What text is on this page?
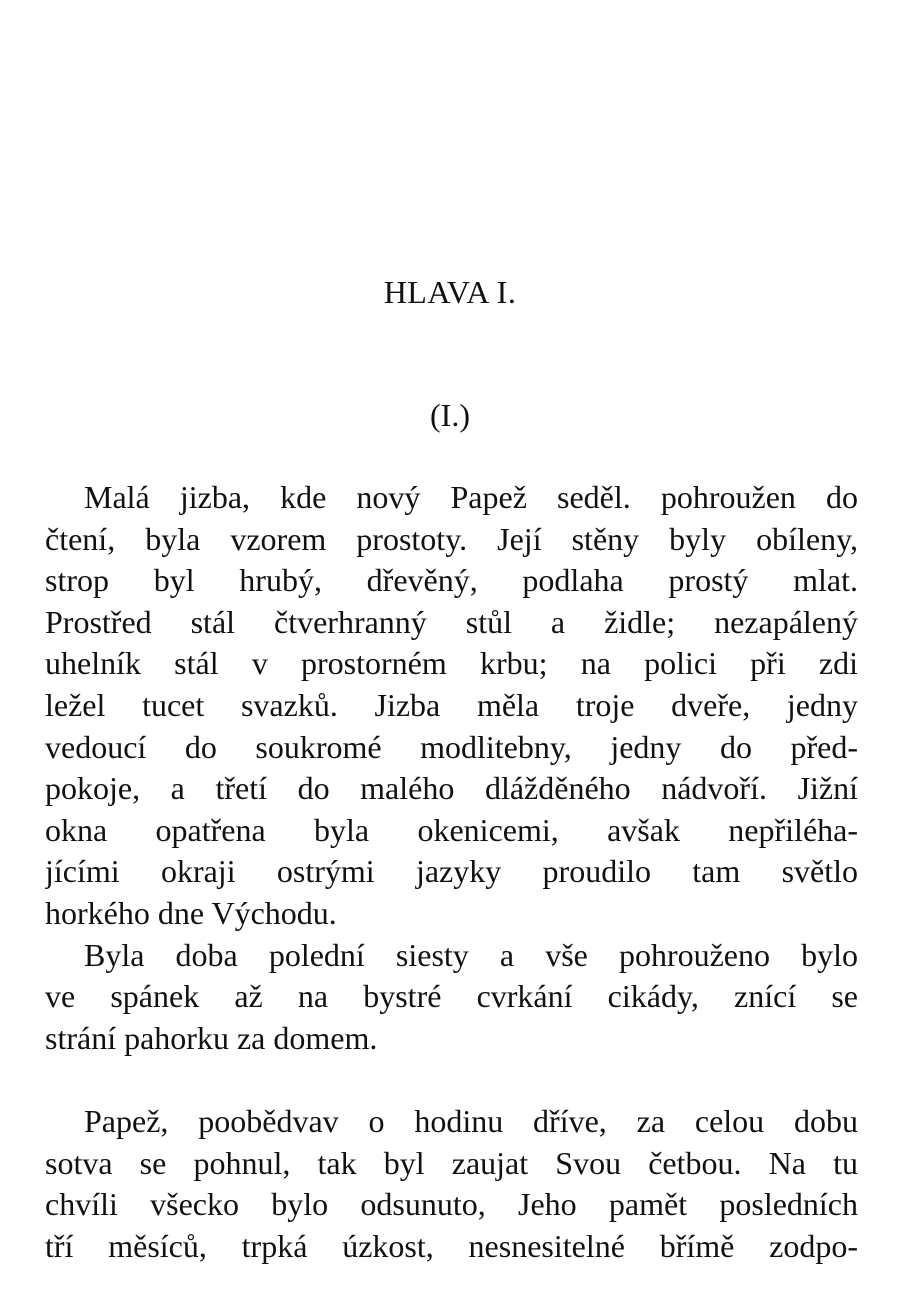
HLAVA I.
(I.)
Malá jizba, kde nový Papež seděl. pohroužen do
čtení, byla vzorem prostoty. Její stěny byly obíleny,
strop byl hrubý, dřevěný, podlaha prostý mlat.
Prostřed stál čtverhranný stůl a židle; nezapálený
uhelník stál v prostorném krbu; na polici při zdi
ležel tucet svazků. Jizba měla troje dveře, jedny
vedoucí do soukromé modlitebny, jedny do před-
pokoje, a třetí do malého dlážděného nádvoří. Jižní
okna opatřena byla okenicemi, avšak nepřiléha-
jícími okraji ostrými jazyky proudilo tam světlo
horkého dne Východu.
Byla doba polední siesty a vše pohrouženo bylo
ve spánek až na bystré cvrkání cikády, znící se
strání pahorku za domem.
Papež, poobědvav o hodinu dříve, za celou dobu
sotva se pohnul, tak byl zaujat Svou četbou. Na tu
chvíli všecko bylo odsunuto, Jeho pamět posledních
tří měsíců, trpká úzkost, nesnesitelné břímě zodpo-
